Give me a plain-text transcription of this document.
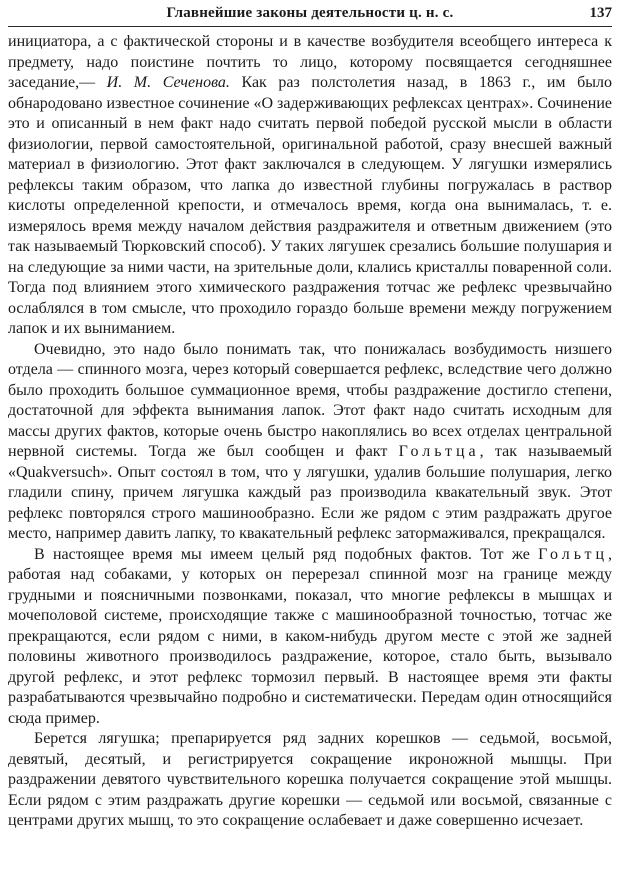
Главнейшие законы деятельности ц. н. с.	137

инициатора, а с фактической стороны и в качестве возбудителя всеобщего интереса к предмету, надо поистине почтить то лицо, которому посвящается сегодняшнее заседание,— И. М. Сеченова. Как раз полстолетия назад, в 1863 г., им было обнародовано известное сочинение «О задерживающих рефлексах центрах». Сочинение это и описанный в нем факт надо считать первой победой русской мысли в области физиологии, первой самостоятельной, оригинальной работой, сразу внесшей важный материал в физиологию. Этот факт заключался в следующем. У лягушки измерялись рефлексы таким образом, что лапка до известной глубины погружалась в раствор кислоты определенной крепости, и отмечалось время, когда она вынималась, т. е. измерялось время между началом действия раздражителя и ответным движением (это так называемый Тюрковский способ). У таких лягушек срезались большие полушария и на следующие за ними части, на зрительные доли, клались кристаллы поваренной соли. Тогда под влиянием этого химического раздражения тотчас же рефлекс чрезвычайно ослаблялся в том смысле, что проходило гораздо больше времени между погружением лапок и их выниманием.

Очевидно, это надо было понимать так, что понижалась возбудимость низшего отдела — спинного мозга, через который совершается рефлекс, вследствие чего должно было проходить большое суммационное время, чтобы раздражение достигло степени, достаточной для эффекта вынимания лапок. Этот факт надо считать исходным для массы других фактов, которые очень быстро накоплялись во всех отделах центральной нервной системы. Тогда же был сообщен и факт Гольтца, так называемый «Quakversuch». Опыт состоял в том, что у лягушки, удалив большие полушария, легко гладили спину, причем лягушка каждый раз производила квакательный звук. Этот рефлекс повторялся строго машинообразно. Если же рядом с этим раздражать другое место, например давить лапку, то квакательный рефлекс затормаживался, прекращался.

В настоящее время мы имеем целый ряд подобных фактов. Тот же Гольтц, работая над собаками, у которых он перерезал спинной мозг на границе между грудными и поясничными позвонками, показал, что многие рефлексы в мышцах и мочеполовой системе, происходящие также с машинообразной точностью, тотчас же прекращаются, если рядом с ними, в каком-нибудь другом месте с этой же задней половины животного производилось раздражение, которое, стало быть, вызывало другой рефлекс, и этот рефлекс тормозил первый. В настоящее время эти факты разрабатываются чрезвычайно подробно и систематически. Передам один относящийся сюда пример.

Берется лягушка; препарируется ряд задних корешков — седьмой, восьмой, девятый, десятый, и регистрируется сокращение икроножной мышцы. При раздражении девятого чувствительного корешка получается сокращение этой мышцы. Если рядом с этим раздражать другие корешки — седьмой или восьмой, связанные с центрами других мышц, то это сокращение ослабевает и даже совершенно исчезает.
